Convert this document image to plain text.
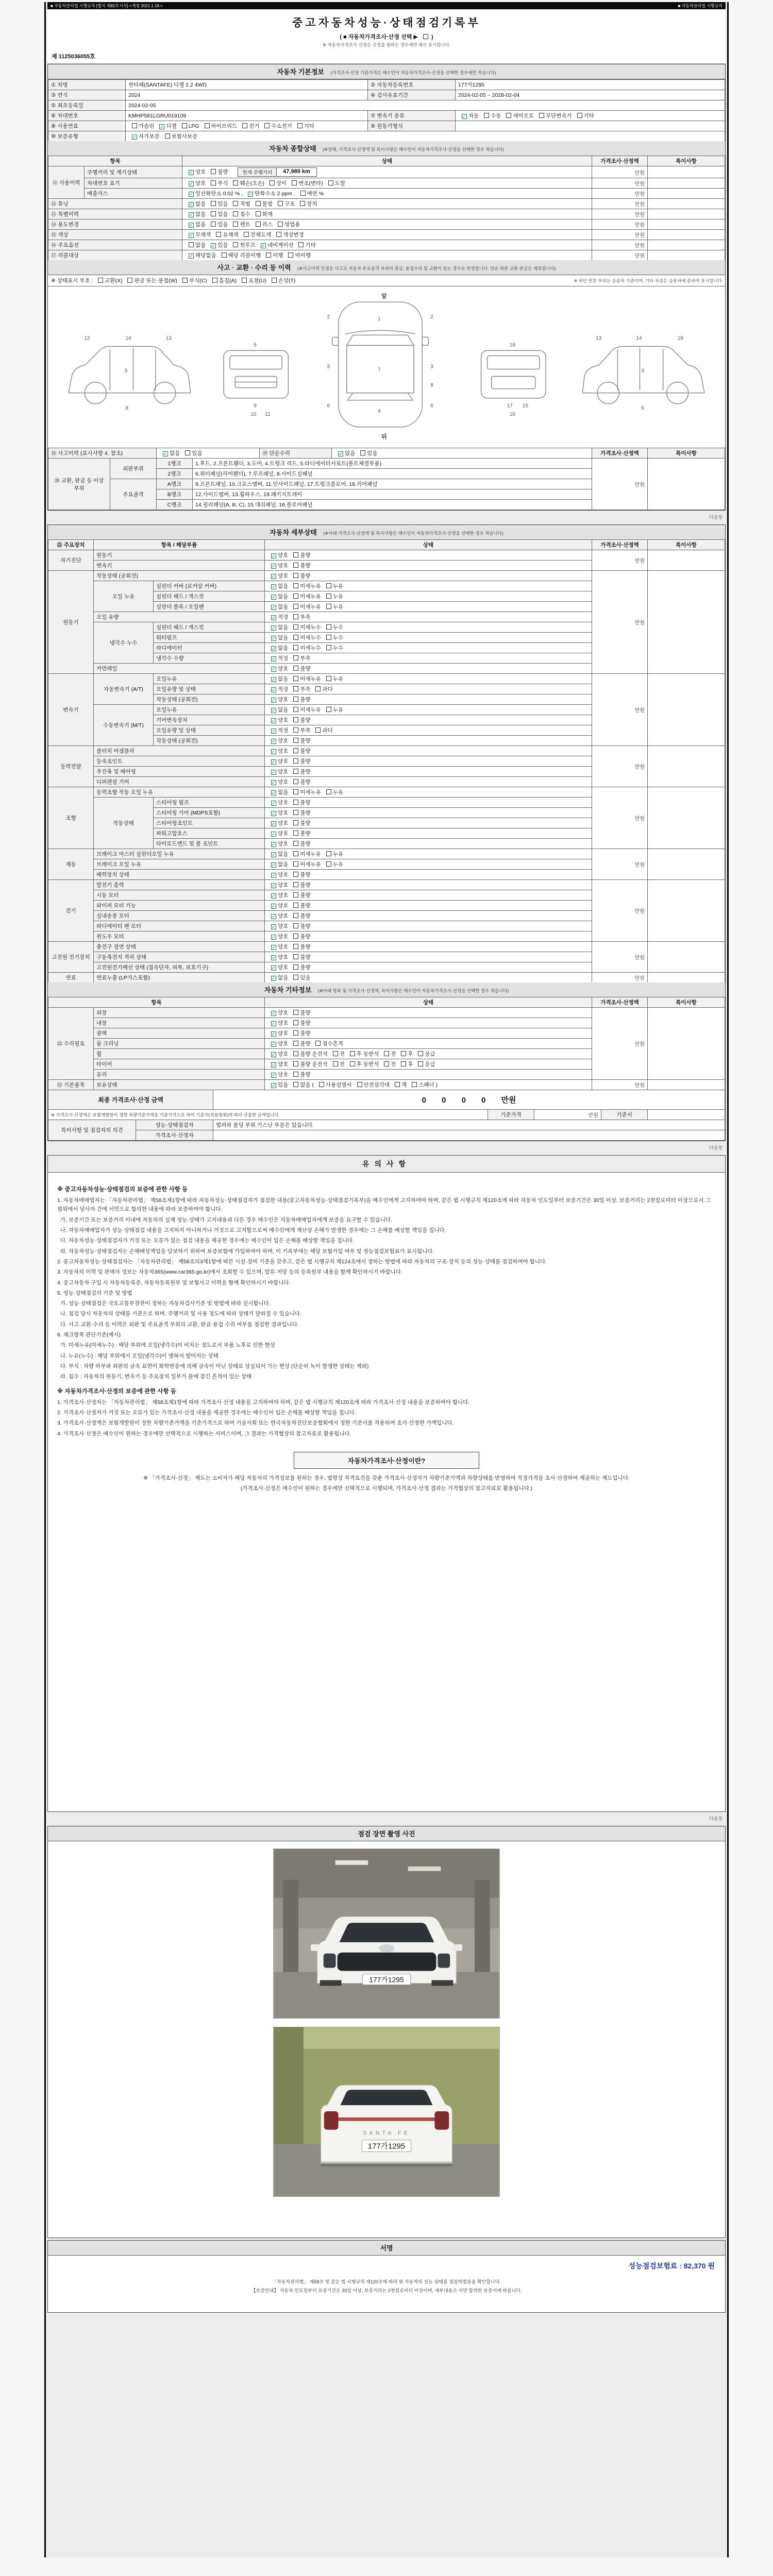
■ 자동차관리법 시행규칙 [별지 제82호서식] <개정 2021.1.19.>	■ 자동차관리법 시행규칙
중고자동차성능·상태점검기록부
( ■ 자동차가격조사·산정 선택 ▶ )
※ 자동차가격조사·산정은 산정을 원하는 경우에만 체크 표시합니다.
제 1125036055호
자동차 기본정보 (가격조사·산정 기준가격은 매수인이 자동차가격조사·산정을 선택한 경우에만 적습니다)
① 차명	싼타페(SANTAFE) 디젤 2.2 4WD	② 자동차등록번호	177가1295
③ 연식	2024	④ 검사유효기간	2024-02-05 ~ 2028-02-04
⑤ 최초등록일	2024-02-05		
⑥ 차대번호	KMHP581LGRU019109	⑦ 변속기 종류	✓ 자동 수동 세미오토 무단변속기 기타
⑧ 사용연료	가솔린 ✓ 디젤 LPG 하이브리드 전기 수소전기 기타	⑨ 원동기형식	
⑩ 보증유형	✓ 자가보증 보험사보증		
자동차 종합상태 (※상태, 가격조사·산정액 및 특이사항은 매수인이 자동차가격조사·산정을 선택한 경우 적습니다)
항목		상태	가격조사·산정액	특이사항
⑪ 사용이력	주행거리 및 계기상태	✓ 양호 불량 현재 주행거리 47,989 km	만원	
	차대번호 표기	✓ 양호 부식 훼손(오손) 상이 변조(변타) 도말	만원	
	배출가스	✓ 일산화탄소 0.02 % , ✓ 탄화수소 2 ppm , 매연 %	만원	
⑫ 튜닝		✓ 없음 있음 적법 불법 구조 장치	만원	
⑬ 특별이력		✓ 없음 있음 침수 화재	만원	
⑭ 용도변경		✓ 없음 있음 렌트 리스 영업용	만원	
⑮ 색상		✓ 무채색 유채색 전체도색 색상변경	만원	
⑯ 주요옵션		없음 ✓ 있음 썬루프 ✓ 네비게이션 기타	만원	
⑰ 리콜대상		✓ 해당없음 해당 리콜이행 이행 미이행	만원	
사고 · 교환 · 수리 등 이력 (※사고이력 인정은 사고로 자동차 주요골격 부위의 판금, 용접수리 및 교환이 있는 경우로 한정합니다. 단순 외판 교환·판금은 제외합니다)
※ 상태표시 부호 : 교환(X) 판금 또는 용접(W) 부식(C) 흠집(A) 요철(U) 손상(T)	※ 하단 번호 부위는 승용차 기준이며, 기타 차종은 승용차에 준하여 표시합니다
12	14	13
3
8
5
9
10 11
앞
1
7
4
2	2
3	3
6	6
8
뒤
18
17 15
16
13	14	19
3
6
⑱ 사고이력 (표시사항 4. 참조)	✓ 없음 있음	⑲ 단순수리	✓ 없음 있음	가격조사·산정액	특이사항
⑳ 교환, 판금 등 이상 부위	외판부위	1랭크	1.후드, 2.프론트휀더, 3.도어, 4.트렁크 리드, 5.라디에이터서포트(볼트체결부품)	만원	
		2랭크	6.쿼터패널(리어휀더), 7.루프패널, 8.사이드실패널		
	주요골격	A랭크	9.프론트패널, 10.크로스멤버, 11.인사이드패널, 17.트렁크플로어, 18.리어패널		
		B랭크	12.사이드멤버, 13.휠하우스, 19.패키지트레이		
		C랭크	14.필러패널(A, B, C), 15.대쉬패널, 16.플로어패널		
다음장
자동차 세부상태 (※아래 가격조사·산정액 및 특이사항은 매수인이 자동차가격조사·산정을 선택한 경우 적습니다)
㉑ 주요장치	항목 / 해당부품		상태	가격조사·산정액	특이사항
자기진단	원동기		✓ 양호 불량	만원	
	변속기		✓ 양호 불량		
원동기	작동상태 (공회전)		✓ 양호 불량	만원	
	오일 누유	실린더 커버 (로커암 커버)	✓ 없음 미세누유 누유		
		실린더 헤드 / 개스킷	✓ 없음 미세누유 누유		
		실린더 블록 / 오일팬	✓ 없음 미세누유 누유		
	오일 유량		✓ 적정 부족		
	냉각수 누수	실린더 헤드 / 개스킷	✓ 없음 미세누수 누수		
		워터펌프	✓ 없음 미세누수 누수		
		라디에이터	✓ 없음 미세누수 누수		
		냉각수 수량	✓ 적정 부족		
	커먼레일		✓ 양호 불량		
변속기	자동변속기 (A/T)	오일누유	✓ 없음 미세누유 누유	만원	
		오일유량 및 상태	✓ 적정 부족 과다		
		작동상태 (공회전)	✓ 양호 불량		
	수동변속기 (M/T)	오일누유	✓ 없음 미세누유 누유		
		기어변속장치	✓ 양호 불량		
		오일유량 및 상태	✓ 적정 부족 과다		
		작동상태 (공회전)	✓ 양호 불량		
동력전달	클러치 어셈블리		✓ 양호 불량	만원	
	등속조인트		✓ 양호 불량		
	추진축 및 베어링		✓ 양호 불량		
	디퍼렌셜 기어		✓ 양호 불량		
조향	동력조향 작동 오일 누유		✓ 없음 미세누유 누유	만원	
	작동상태	스티어링 펌프	✓ 양호 불량		
		스티어링 기어 (MDPS포함)	✓ 양호 불량		
		스티어링조인트	✓ 양호 불량		
		파워고압호스	✓ 양호 불량		
		타이로드엔드 및 볼 조인트	✓ 양호 불량		
제동	브레이크 마스터 실린더오일 누유		✓ 없음 미세누유 누유	만원	
	브레이크 오일 누유		✓ 없음 미세누유 누유		
	배력장치 상태		✓ 양호 불량		
전기	발전기 출력		✓ 양호 불량	만원	
	시동 모터		✓ 양호 불량		
	와이퍼 모터 기능		✓ 양호 불량		
	실내송풍 모터		✓ 양호 불량		
	라디에이터 팬 모터		✓ 양호 불량		
	윈도우 모터		✓ 양호 불량		
고전원 전기장치	충전구 절연 상태		✓ 양호 불량	만원	
	구동축전지 격리 상태		✓ 양호 불량		
	고전원전기배선 상태 (접속단자, 피복, 보호기구)		✓ 양호 불량		
연료	연료누출 (LP가스포함)		✓ 없음 있음	만원	
자동차 기타정보 (※아래 항목 및 가격조사·산정액, 특이사항은 매수인이 자동차가격조사·산정을 선택한 경우 적습니다)
항목		상태	가격조사·산정액	특이사항
㉒ 수리필요	외장	✓ 양호 불량	만원	
	내장	✓ 양호 불량		
	광택	✓ 양호 불량		
	룸 크리닝	✓ 양호 불량 침수흔적		
	휠	✓ 양호 불량 운전석 전 후 동반석 전 후 응급		
	타이어	✓ 양호 불량 운전석 전 후 동반석 전 후 응급		
	유리	✓ 양호 불량		
㉓ 기본품목	보유상태	✓ 있음 없음 ( 사용설명서 안전삼각대 잭 스패너 )	만원	
최종 가격조사·산정 금액	0 0 0 0 만원
※ 가격조사·산정액은 보험개발원이 정한 차량기준가액을 기준가격으로 하여 기준서(적용범위)에 따라 산출한 금액입니다.	기준가격	만원	기준서	
특이사항 및 점검자의 의견	성능·상태점검자	범퍼와 몰딩 부위 기스난 부분은 있습니다.
	가격조사·산정자	
다음장
유의사항
※ 중고자동차성능·상태점검의 보증에 관한 사항 등
1. 자동차매매업자는 「자동차관리법」 제58조제1항에 따라 자동차성능·상태점검자가 점검한 내용(중고자동차성능·상태점검기록부)을 매수인에게 고지하여야 하며, 같은 법 시행규칙 제120조에 따라 자동차 인도일부터 보증기간은 30일 이상, 보증거리는 2천킬로미터 이상으로서 그 범위에서 당사자 간에 서면으로 합의한 내용에 따라 보증하여야 합니다.
가. 보증기간 또는 보증거리 이내에 자동차의 실제 성능·상태가 고지내용과 다른 경우 매수인은 자동차매매업자에게 보증을 요구할 수 있습니다.
나. 자동차매매업자가 성능·상태점검 내용을 고지하지 아니하거나 거짓으로 고지함으로써 매수인에게 재산상 손해가 발생한 경우에는 그 손해를 배상할 책임을 집니다.
다. 자동차성능·상태점검자가 거짓 또는 오류가 있는 점검 내용을 제공한 경우에는 매수인이 입은 손해를 배상할 책임을 집니다.
라. 자동차성능·상태점검자는 손해배상책임을 담보하기 위하여 보증보험에 가입하여야 하며, 이 기록부에는 해당 보험가입 여부 및 성능점검보험료가 표시됩니다.
2. 중고자동차성능·상태점검자는 「자동차관리법」 제58조의3제1항에 따른 시설·장비 기준을 갖추고, 같은 법 시행규칙 제124조에서 정하는 방법에 따라 자동차의 구조·장치 등의 성능·상태를 점검하여야 합니다.
3. 자동차의 이력 및 판매자 정보는 자동차365(www.car365.go.kr)에서 조회할 수 있으며, 압류·저당 등의 등록원부 내용을 함께 확인하시기 바랍니다.
4. 중고자동차 구입 시 자동차등록증, 자동차등록원부 및 보험사고 이력을 함께 확인하시기 바랍니다.
5. 성능·상태점검의 기준 및 방법
가. 성능·상태점검은 국토교통부장관이 정하는 자동차검사기준 및 방법에 따라 실시합니다.
나. 점검 당시 자동차의 상태를 기준으로 하며, 주행거리 및 사용 정도에 따라 상태가 달라질 수 있습니다.
다. 사고·교환·수리 등 이력은 외판 및 주요골격 부위의 교환, 판금·용접 수리 여부를 점검한 결과입니다.
6. 체크항목 판단기준(예시)
가. 미세누유(미세누수) : 해당 부위에 오일(냉각수)이 비치는 정도로서 부품 노후로 인한 현상
나. 누유(누수) : 해당 부위에서 오일(냉각수)이 맺혀서 떨어지는 상태
다. 부식 : 차량 하부와 외판의 금속 표면이 화학반응에 의해 금속이 아닌 상태로 상실되어 가는 현상 (단순히 녹이 발생한 상태는 제외)
라. 침수 : 자동차의 원동기, 변속기 등 주요장치 일부가 물에 잠긴 흔적이 있는 상태
※ 자동차가격조사·산정의 보증에 관한 사항 등
1. 가격조사·산정자는 「자동차관리법」 제58조제1항에 따라 가격조사·산정 내용을 고지하여야 하며, 같은 법 시행규칙 제120조에 따라 가격조사·산정 내용을 보증하여야 합니다.
2. 가격조사·산정자가 거짓 또는 오류가 있는 가격조사·산정 내용을 제공한 경우에는 매수인이 입은 손해를 배상할 책임을 집니다.
3. 가격조사·산정액은 보험개발원이 정한 차량기준가액을 기준가격으로 하여 기술사회 또는 한국자동차진단보증협회에서 정한 기준서를 적용하여 조사·산정한 가액입니다.
4. 가격조사·산정은 매수인이 원하는 경우에만 선택적으로 시행하는 서비스이며, 그 결과는 가격협상의 참고자료로 활용됩니다.
자동차가격조사·산정이란?
※ 「가격조사·산정」 제도는 소비자가 해당 자동차의 가격정보를 원하는 경우, 법령상 자격요건을 갖춘 가격조사·산정자가 차량기준가액과 차량상태를 반영하여 적정가격을 조사·산정하여 제공하는 제도입니다.
(가격조사·산정은 매수인이 원하는 경우에만 선택적으로 시행되며, 가격조사·산정 결과는 가격협상의 참고자료로 활용됩니다.)
다음장
점검 장면 촬영 사진
177가1295
SANTA FE
177가1295
서명
성능점검보험료 : 82,370 원
「자동차관리법」 제58조 및 같은 법 시행규칙 제120조에 따라 위 자동차의 성능·상태를 점검하였음을 확인합니다.
【보증안내】 자동차 인도일부터 보증기간은 30일 이상, 보증거리는 2천킬로미터 이상이며, 세부내용은 서면 합의한 보증서에 따릅니다.
